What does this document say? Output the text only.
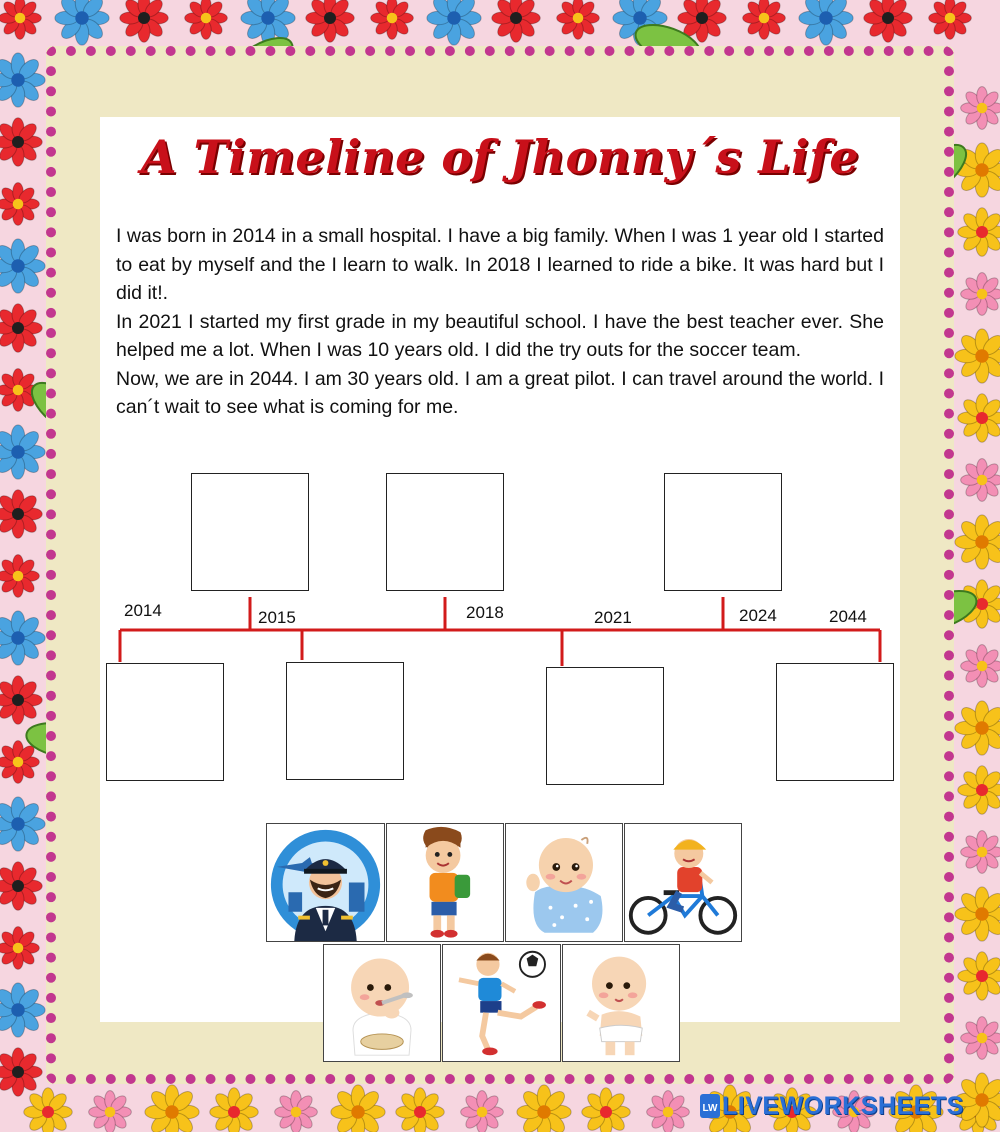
A Timeline of Jhonny´s Life

I was born in 2014 in a small hospital. I have a big family. When I was 1 year old I started to eat by myself and the I learn to walk. In 2018 I learned to ride a bike. It was hard but I did it!.

In 2021 I started my first grade in my beautiful school. I have the best teacher ever. She helped me a lot. When I was 10 years old. I did the try outs for the soccer team.

Now, we are in 2044. I am 30 years old. I am a great pilot. I can travel around the world. I can´t wait to see what is coming for me.

2014	2015	2018	2021	2024	2044
LW LIVEWORKSHEETS
